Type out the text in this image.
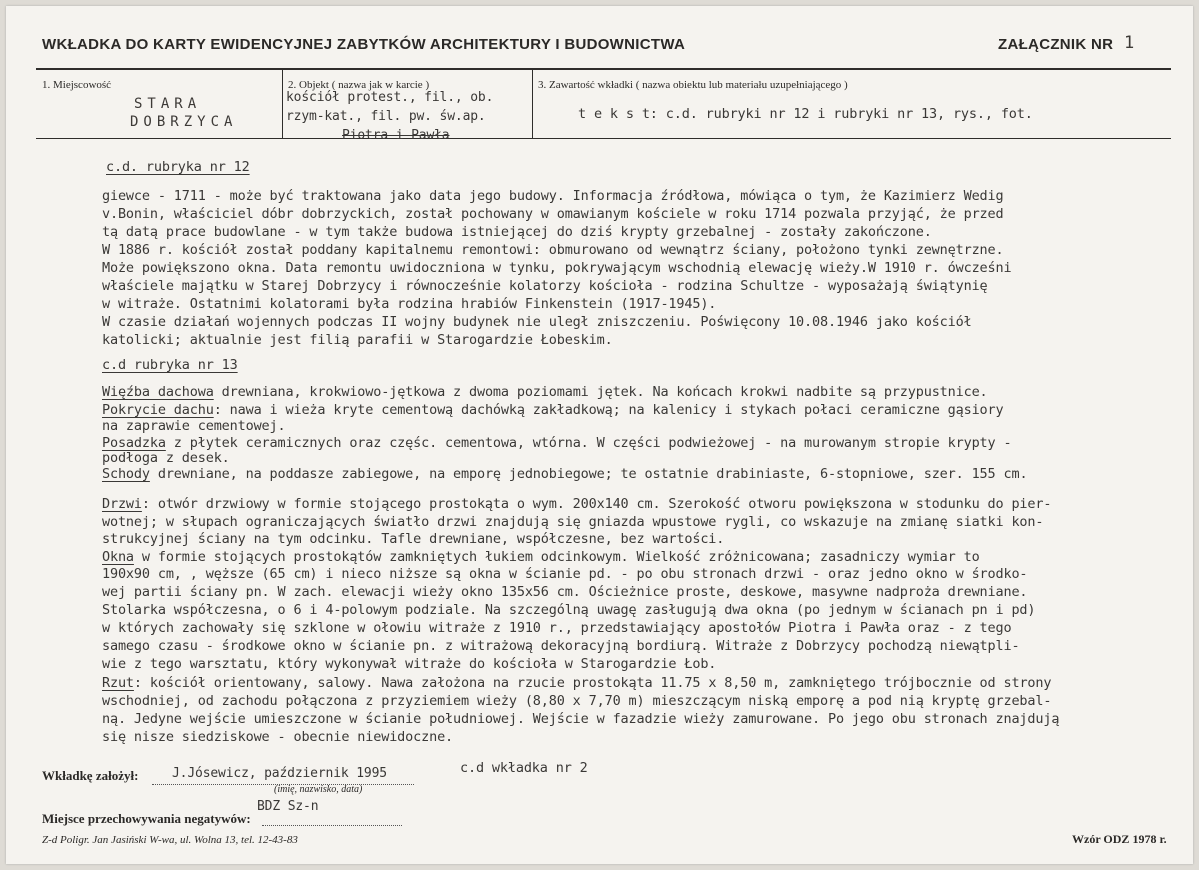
WKŁADKA DO KARTY EWIDENCYJNEJ ZABYTKÓW ARCHITEKTURY I BUDOWNICTWA	ZAŁĄCZNIK NR 1
1. Miejscowość
STARA
DOBRZYCA
2. Objekt ( nazwa jak w karcie )
kościół protest., fil., ob.
rzym-kat., fil. pw. św.ap.
Piotra i Pawła
3. Zawartość wkładki ( nazwa obiektu lub materiału uzupełniającego )
t e k s t: c.d. rubryki nr 12 i rubryki nr 13, rys., fot.
c.d. rubryka nr 12
giewce - 1711 - może być traktowana jako data jego budowy. Informacja źródłowa, mówiąca o tym, że Kazimierz Wedig
v.Bonin, właściciel dóbr dobrzyckich, został pochowany w omawianym kościele w roku 1714 pozwala przyjąć, że przed
tą datą prace budowlane - w tym także budowa istniejącej do dziś krypty grzebalnej - zostały zakończone.
W 1886 r. kościół został poddany kapitalnemu remontowi: obmurowano od wewnątrz ściany, położono tynki zewnętrzne.
Może powiększono okna. Data remontu uwidoczniona w tynku, pokrywającym wschodnią elewację wieży.W 1910 r. ówcześni
właściele majątku w Starej Dobrzycy i równocześnie kolatorzy kościoła - rodzina Schultze - wyposażają świątynię
w witraże. Ostatnimi kolatorami była rodzina hrabiów Finkenstein (1917-1945).
W czasie działań wojennych podczas II wojny budynek nie uległ zniszczeniu. Poświęcony 10.08.1946 jako kościół
katolicki; aktualnie jest filią parafii w Starogardzie Łobeskim.
c.d rubryka nr 13
Więźba dachowa drewniana, krokwiowo-jętkowa z dwoma poziomami jętek. Na końcach krokwi nadbite są przypustnice.
Pokrycie dachu: nawa i wieża kryte cementową dachówką zakładkową; na kalenicy i stykach połaci ceramiczne gąsiory
na zaprawie cementowej.
Posadzka z płytek ceramicznych oraz częśc. cementowa, wtórna. W części podwieżowej - na murowanym stropie krypty -
podłoga z desek.
Schody drewniane, na poddasze zabiegowe, na emporę jednobiegowe; te ostatnie drabiniaste, 6-stopniowe, szer. 155 cm.
Drzwi: otwór drzwiowy w formie stojącego prostokąta o wym. 200x140 cm. Szerokość otworu powiększona w stodunku do pier-
wotnej; w słupach ograniczających światło drzwi znajdują się gniazda wpustowe rygli, co wskazuje na zmianę siatki kon-
strukcyjnej ściany na tym odcinku. Tafle drewniane, współczesne, bez wartości.
Okna w formie stojących prostokątów zamkniętych łukiem odcinkowym. Wielkość zróżnicowana; zasadniczy wymiar to
190x90 cm, , węższe (65 cm) i nieco niższe są okna w ścianie pd. - po obu stronach drzwi - oraz jedno okno w środko-
wej partii ściany pn. W zach. elewacji wieży okno 135x56 cm. Ościeżnice proste, deskowe, masywne nadproża drewniane.
Stolarka współczesna, o 6 i 4-polowym podziale. Na szczególną uwagę zasługują dwa okna (po jednym w ścianach pn i pd)
w których zachowały się szklone w ołowiu witraże z 1910 r., przedstawiający apostołów Piotra i Pawła oraz - z tego
samego czasu - środkowe okno w ścianie pn. z witrażową dekoracyjną bordiurą. Witraże z Dobrzycy pochodzą niewątpli-
wie z tego warsztatu, który wykonywał witraże do kościoła w Starogardzie Łob.
Rzut: kościół orientowany, salowy. Nawa założona na rzucie prostokąta 11.75 x 8,50 m, zamkniętego trójbocznie od strony
wschodniej, od zachodu połączona z przyziemiem wieży (8,80 x 7,70 m) mieszczącym niską emporę a pod nią kryptę grzebal-
ną. Jedyne wejście umieszczone w ścianie południowej. Wejście w fazadzie wieży zamurowane. Po jego obu stronach znajdują
się nisze siedziskowe - obecnie niewidoczne.
Wkładkę założył:	J.Jósewicz, październik 1995
(imię, nazwisko, data)
c.d wkładka nr 2
BDZ Sz-n
Miejsce przechowywania negatywów:
Z-d Poligr. Jan Jasiński W-wa, ul. Wolna 13, tel. 12-43-83	Wzór ODZ 1978 r.
